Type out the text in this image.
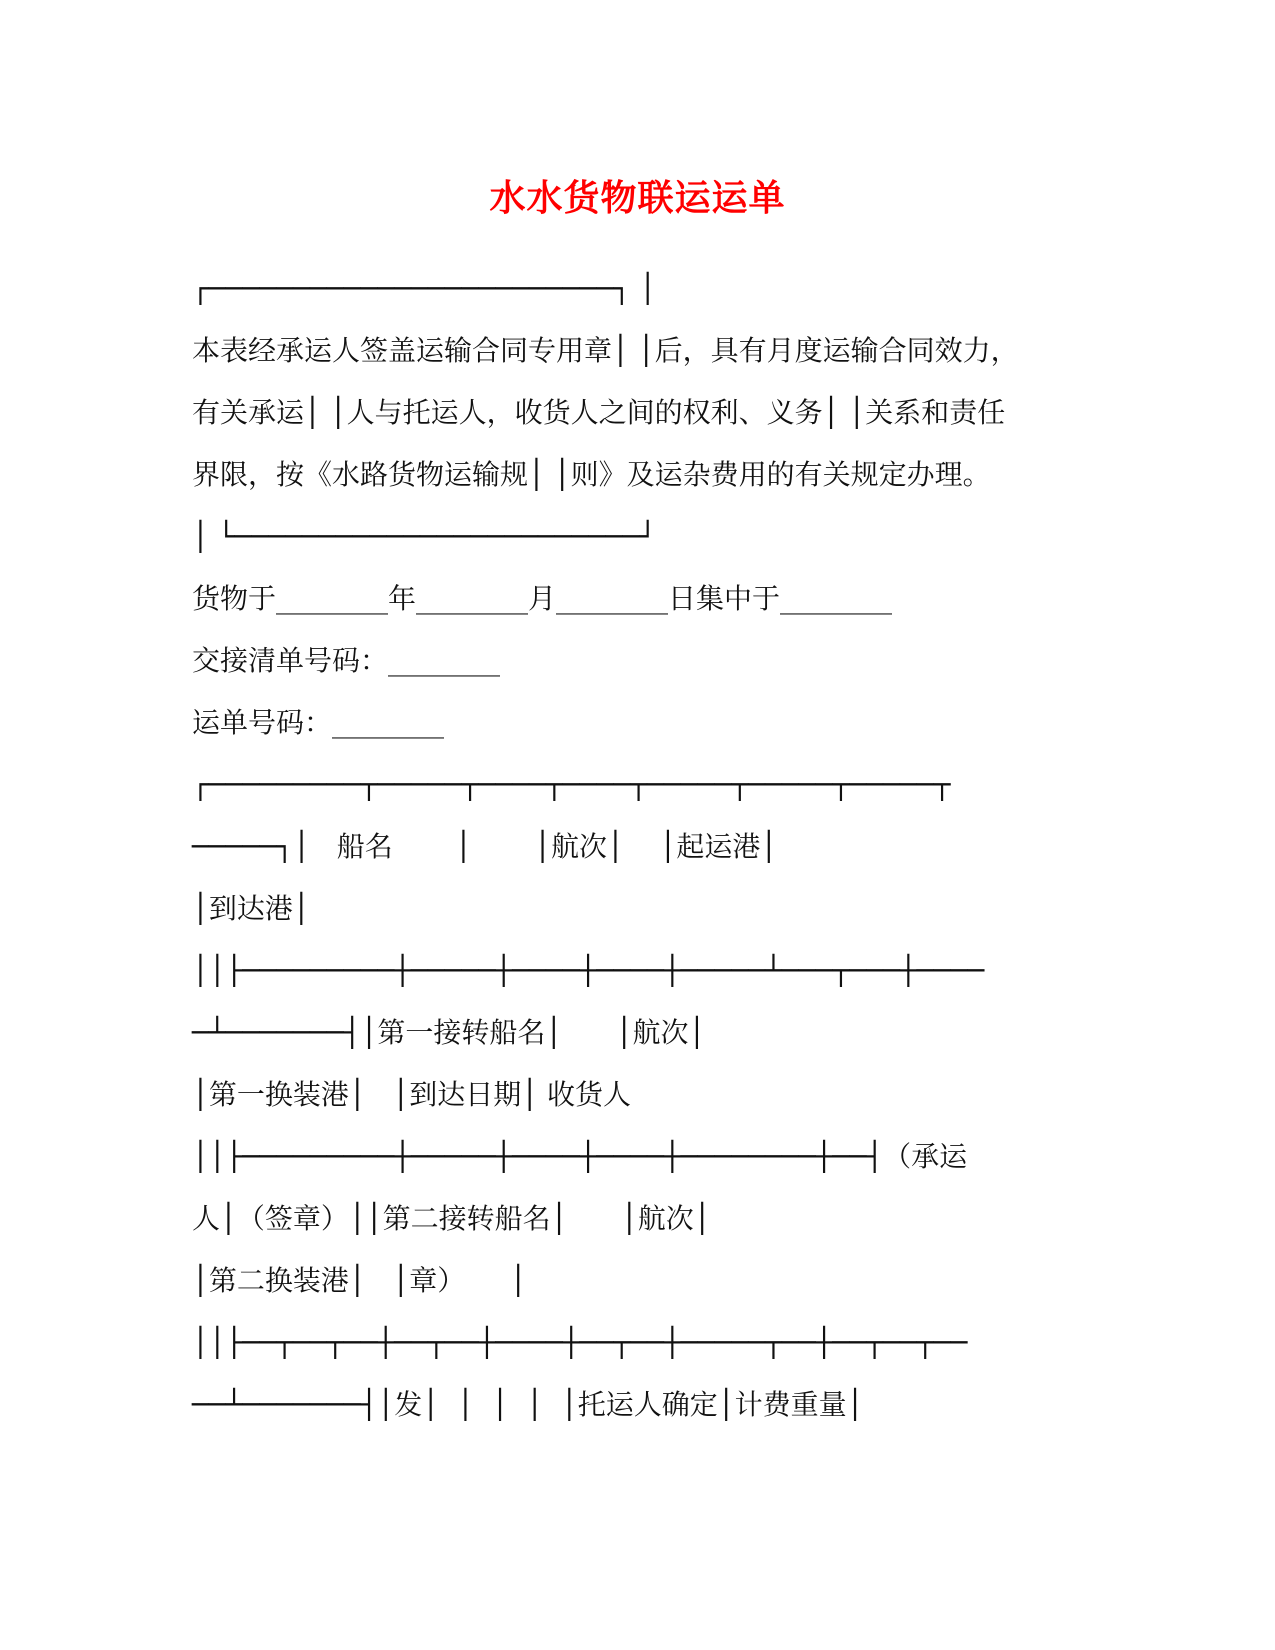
水水货物联运运单
┌────────────────────────┐ │
本表经承运人签盖运输合同专用章│ │后，具有月度运输合同效力，
有关承运│ │人与托运人，收货人之间的权利、义务│ │关系和责任
界限，按《水路货物运输规│ │则》及运杂费用的有关规定办理。
│ └────────────────────────┘
货物于________年________月________日集中于________
交接清单号码：________
运单号码：________
┌─────────┬─────┬────┬────┬─────┬─────┬─────┬
─────┐│   船名       │       │航次│    │起运港│
│到达港│
││├─────────┼─────┼────┼────┼─────┴───┬───┼────
─┴───────┤│第一接转船名│      │航次│
│第一换装港│   │到达日期│ 收货人
││├─────────┼─────┼────┼────┼────────┼──┤（承运
人│（签章）││第二接转船名│      │航次│
│第二换装港│   │章）     │
││├──┬──┬──┼──┬──┼────┼──┬──┼─────┬──┼──┬──┬──
──┴───────┤│发│  │  │  │  │托运人确定│计费重量│
